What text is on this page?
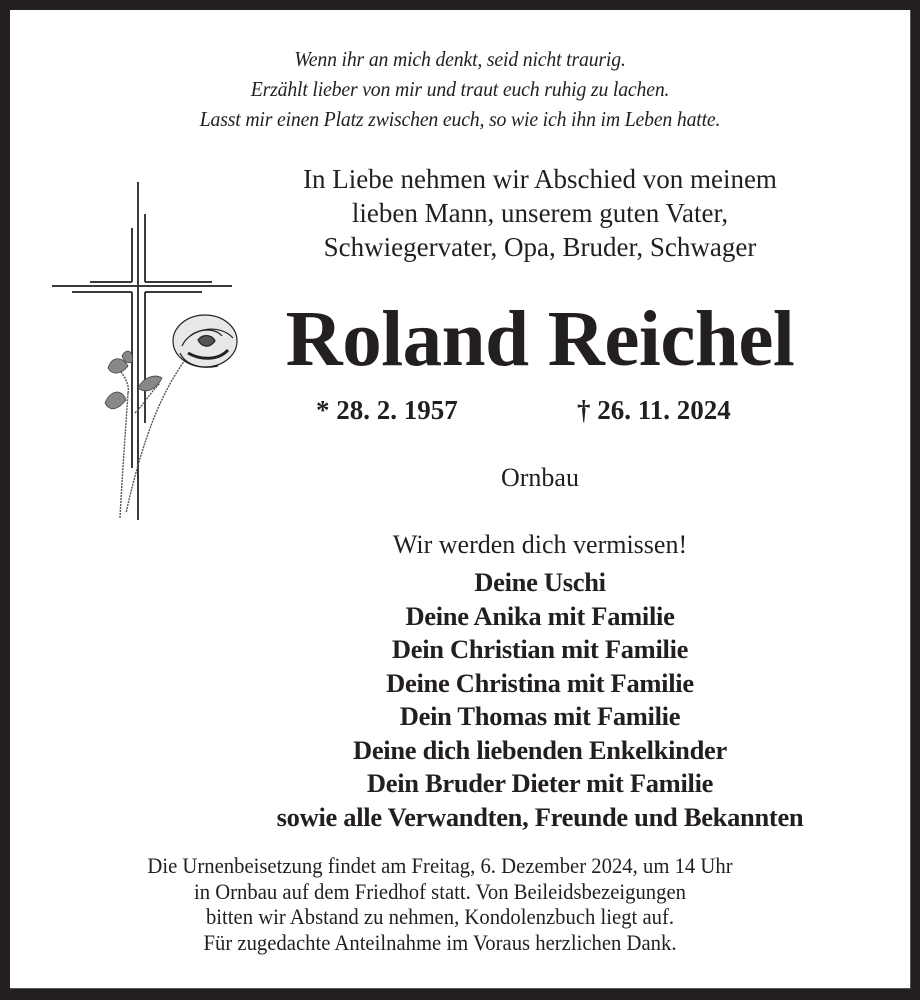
Wenn ihr an mich denkt, seid nicht traurig.
Erzählt lieber von mir und traut euch ruhig zu lachen.
Lasst mir einen Platz zwischen euch, so wie ich ihn im Leben hatte.
In Liebe nehmen wir Abschied von meinem
lieben Mann, unserem guten Vater,
Schwiegervater, Opa, Bruder, Schwager
Roland Reichel
* 28. 2. 1957	† 26. 11. 2024
Ornbau
Wir werden dich vermissen!
Deine Uschi
Deine Anika mit Familie
Dein Christian mit Familie
Deine Christina mit Familie
Dein Thomas mit Familie
Deine dich liebenden Enkelkinder
Dein Bruder Dieter mit Familie
sowie alle Verwandten, Freunde und Bekannten
Die Urnenbeisetzung findet am Freitag, 6. Dezember 2024, um 14 Uhr
in Ornbau auf dem Friedhof statt. Von Beileidsbezeigungen
bitten wir Abstand zu nehmen, Kondolenzbuch liegt auf.
Für zugedachte Anteilnahme im Voraus herzlichen Dank.
